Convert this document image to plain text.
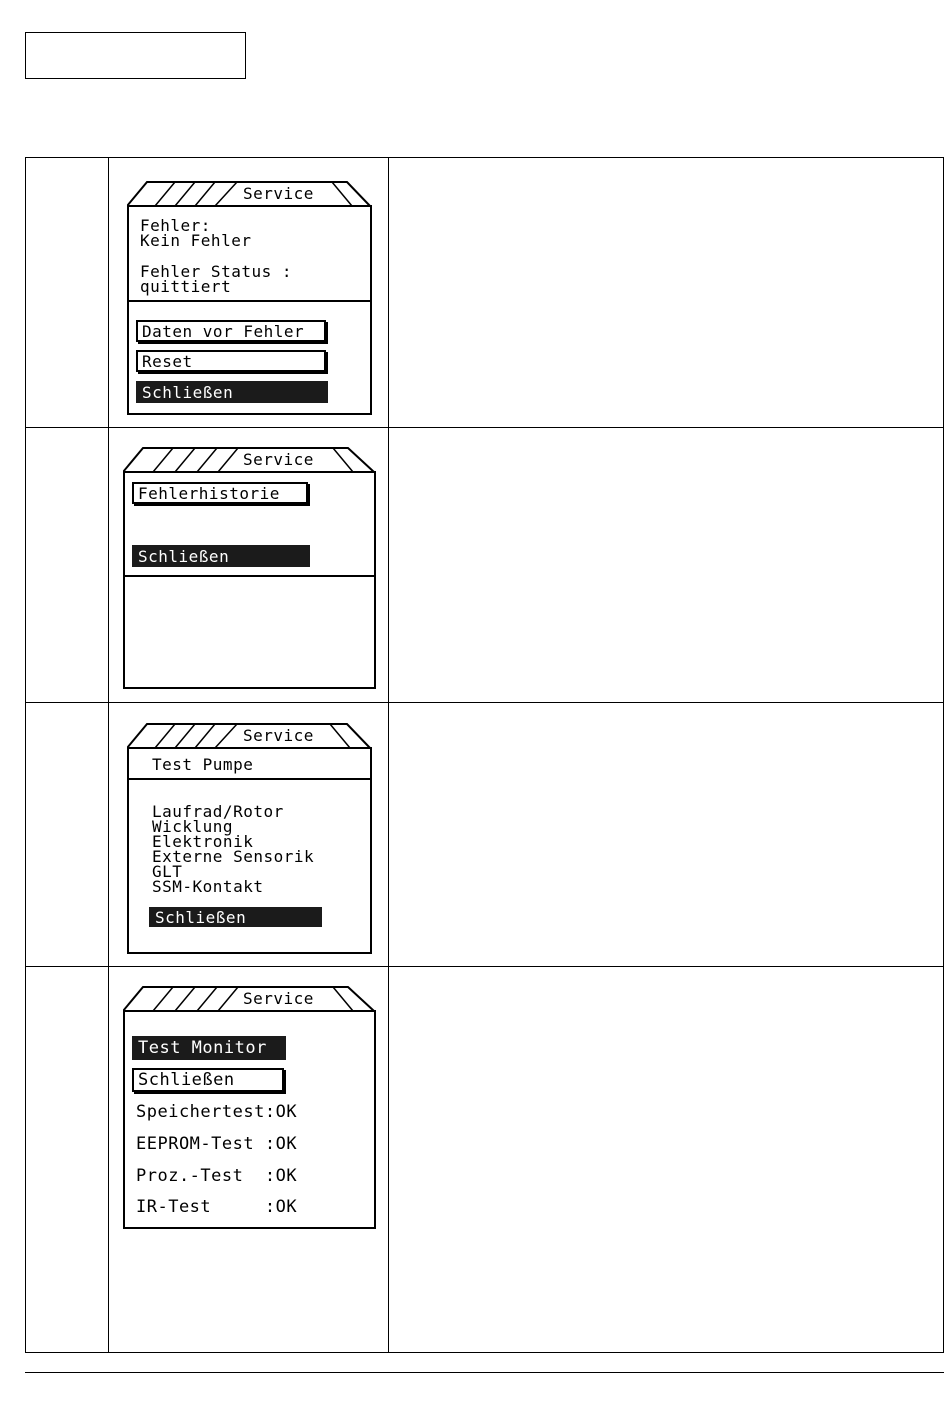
Service
Fehler:
Kein Fehler
Fehler Status :
quittiert
Daten vor Fehler
Reset
Schließen
Service
Fehlerhistorie
Schließen
Service
Test Pumpe
Laufrad/Rotor
Wicklung
Elektronik
Externe Sensorik
GLT
SSM-Kontakt
Schließen
Service
Test Monitor
Schließen
Speichertest:OK
EEPROM-Test :OK
Proz.-Test  :OK
IR-Test     :OK
